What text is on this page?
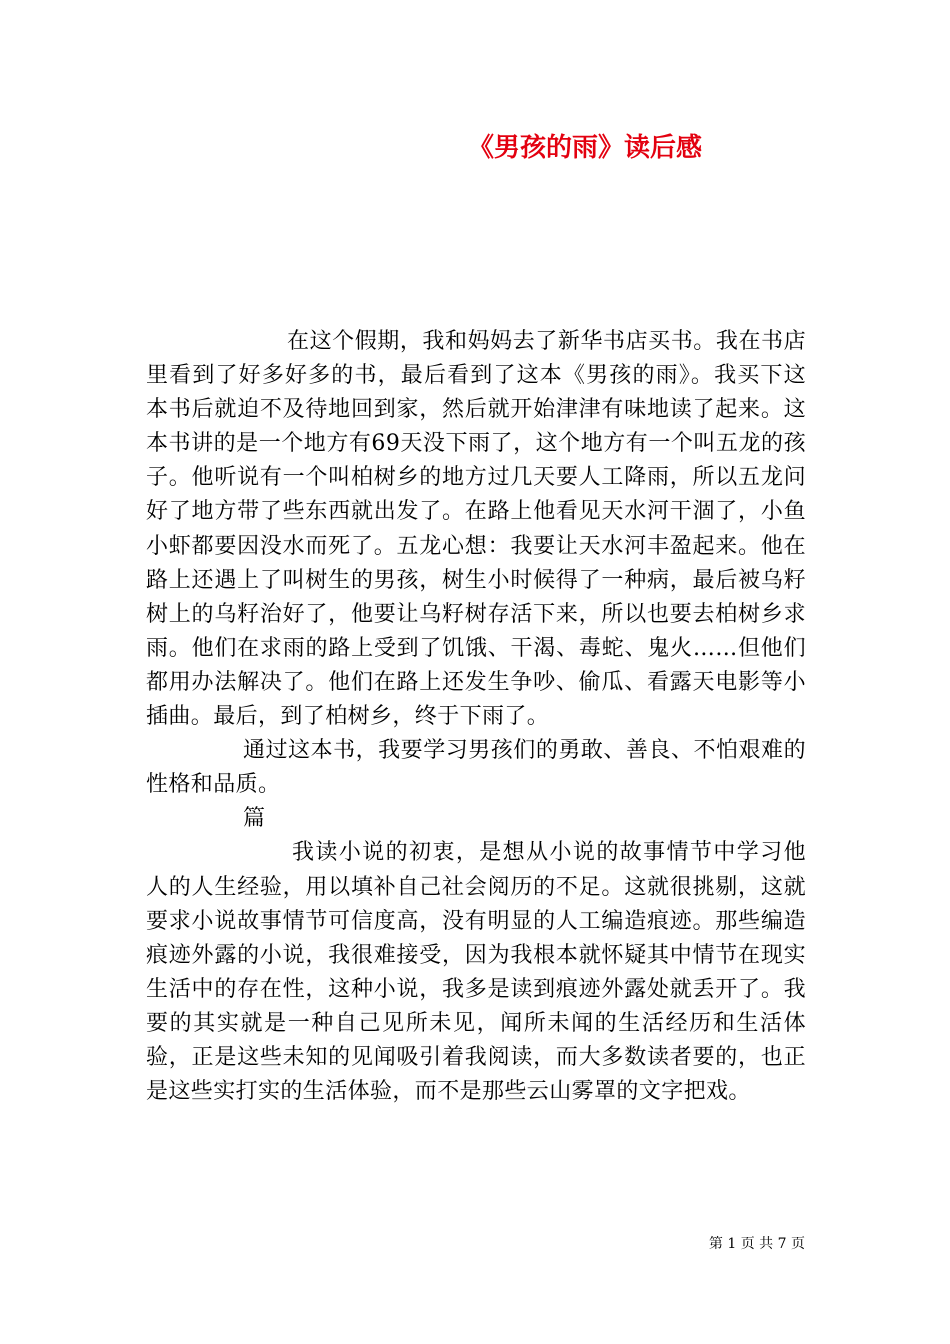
《男孩的雨》读后感

在这个假期，我和妈妈去了新华书店买书。我在书店里看到了好多好多的书，最后看到了这本《男孩的雨》。我买下这本书后就迫不及待地回到家，然后就开始津津有味地读了起来。这本书讲的是一个地方有69天没下雨了，这个地方有一个叫五龙的孩子。他听说有一个叫柏树乡的地方过几天要人工降雨，所以五龙问好了地方带了些东西就出发了。在路上他看见天水河干涸了，小鱼小虾都要因没水而死了。五龙心想：我要让天水河丰盈起来。他在路上还遇上了叫树生的男孩，树生小时候得了一种病，最后被乌籽树上的乌籽治好了，他要让乌籽树存活下来，所以也要去柏树乡求雨。他们在求雨的路上受到了饥饿、干渴、毒蛇、鬼火……但他们都用办法解决了。他们在路上还发生争吵、偷瓜、看露天电影等小插曲。最后，到了柏树乡，终于下雨了。

通过这本书，我要学习男孩们的勇敢、善良、不怕艰难的性格和品质。

篇

我读小说的初衷，是想从小说的故事情节中学习他人的人生经验，用以填补自己社会阅历的不足。这就很挑剔，这就要求小说故事情节可信度高，没有明显的人工编造痕迹。那些编造痕迹外露的小说，我很难接受，因为我根本就怀疑其中情节在现实生活中的存在性，这种小说，我多是读到痕迹外露处就丢开了。我要的其实就是一种自己见所未见，闻所未闻的生活经历和生活体验，正是这些未知的见闻吸引着我阅读，而大多数读者要的，也正是这些实打实的生活体验，而不是那些云山雾罩的文字把戏。

第 1 页 共 7 页
